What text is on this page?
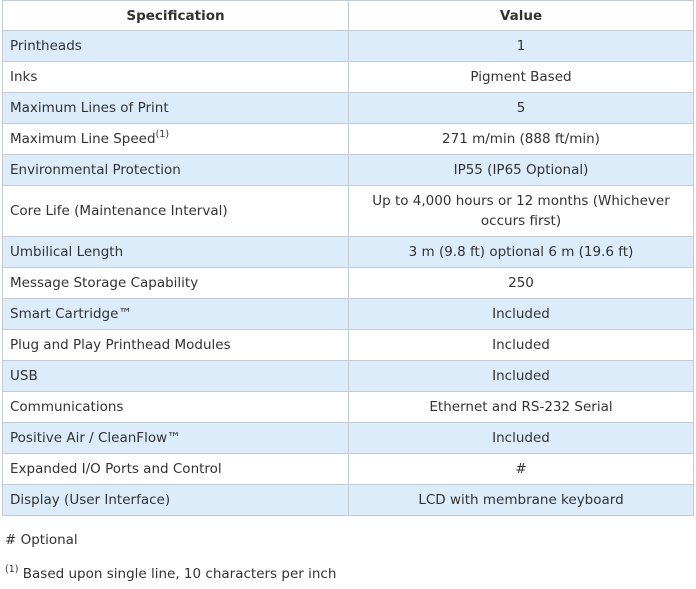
Specification	Value
Printheads	1
Inks	Pigment Based
Maximum Lines of Print	5
Maximum Line Speed$^{(1)}$	271 m/min (888 ft/min)
Environmental Protection	IP55 (IP65 Optional)
Core Life (Maintenance Interval)	Up to 4,000 hours or 12 months (Whichever occurs first)
Umbilical Length	3 m (9.8 ft) optional 6 m (19.6 ft)
Message Storage Capability	250
Smart Cartridge™	Included
Plug and Play Printhead Modules	Included
USB	Included
Communications	Ethernet and RS-232 Serial
Positive Air / CleanFlow™	Included
Expanded I/O Ports and Control	#
Display (User Interface)	LCD with membrane keyboard
# Optional
$^{(1)}$ Based upon single line, 10 characters per inch
